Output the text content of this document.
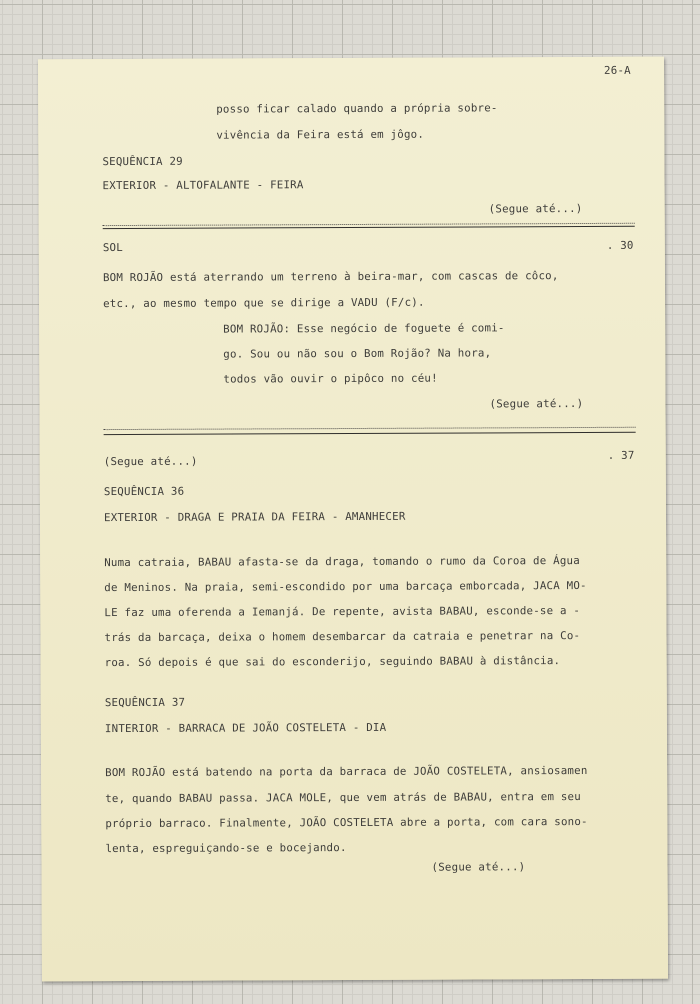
26-A
posso ficar calado quando a própria sobre-
vivência da Feira está em jôgo.
SEQUÊNCIA 29
EXTERIOR - ALTOFALANTE - FEIRA
(Segue até...)
SOL	. 30
BOM ROJÃO está aterrando um terreno à beira-mar, com cascas de côco,
etc., ao mesmo tempo que se dirige a VADU (F/c).
BOM ROJÃO: Esse negócio de foguete é comi-
go. Sou ou não sou o Bom Rojão? Na hora,
todos vão ouvir o pipôco no céu!
(Segue até...)
(Segue até...)	. 37
SEQUÊNCIA 36
EXTERIOR - DRAGA E PRAIA DA FEIRA - AMANHECER
Numa catraia, BABAU afasta-se da draga, tomando o rumo da Coroa de Água
de Meninos. Na praia, semi-escondido por uma barcaça emborcada, JACA MO-
LE faz uma oferenda a Iemanjá. De repente, avista BABAU, esconde-se a -
trás da barcaça, deixa o homem desembarcar da catraia e penetrar na Co-
roa. Só depois é que sai do esconderijo, seguindo BABAU à distância.
SEQUÊNCIA 37
INTERIOR - BARRACA DE JOÃO COSTELETA - DIA
BOM ROJÃO está batendo na porta da barraca de JOÃO COSTELETA, ansiosamen
te, quando BABAU passa. JACA MOLE, que vem atrás de BABAU, entra em seu
próprio barraco. Finalmente, JOÃO COSTELETA abre a porta, com cara sono-
lenta, espreguiçando-se e bocejando.
(Segue até...)
